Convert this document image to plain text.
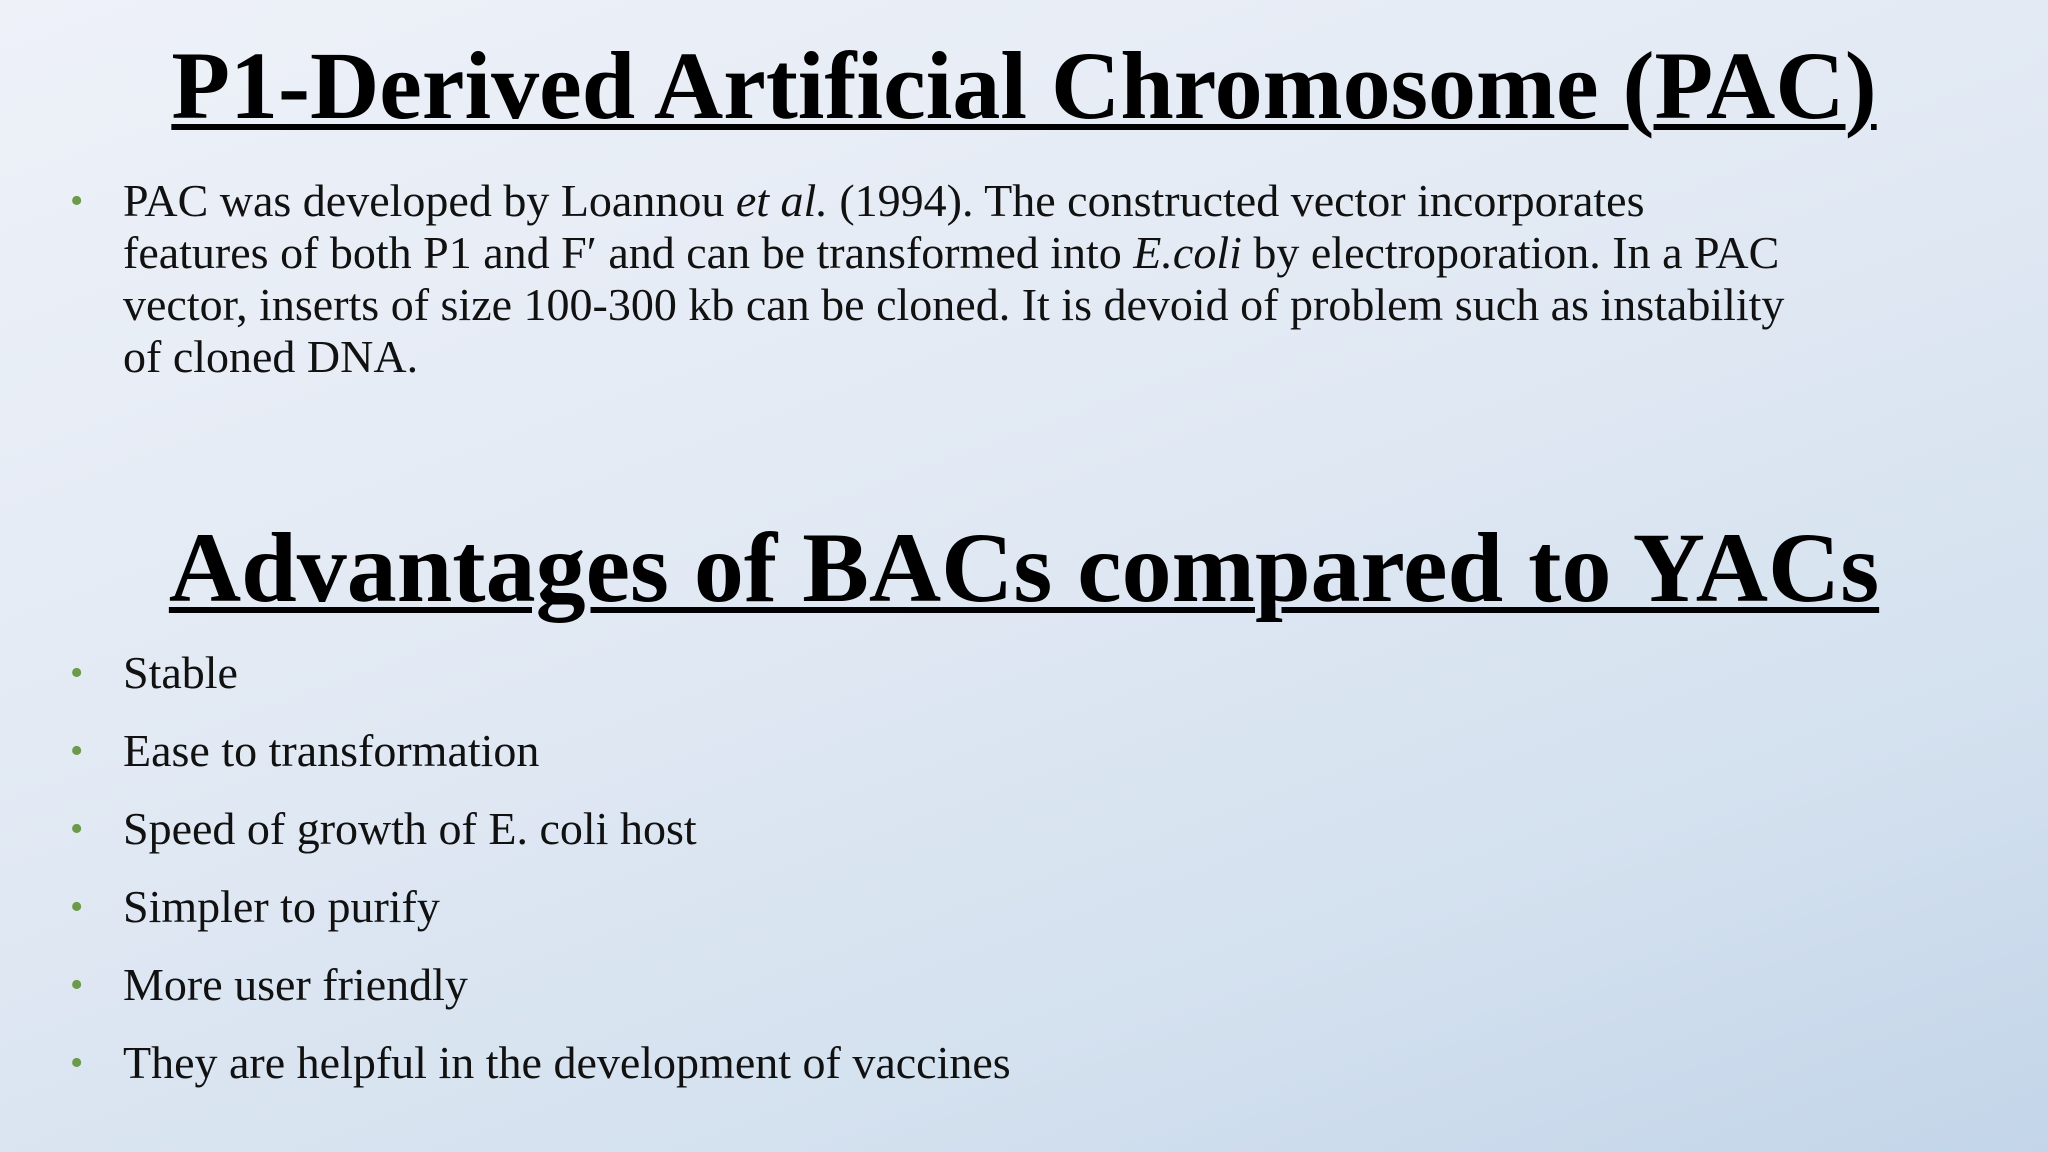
P1-Derived Artificial Chromosome (PAC)
• PAC was developed by Loannou et al. (1994). The constructed vector incorporates
features of both P1 and F′ and can be transformed into E.coli by electroporation. In a PAC
vector, inserts of size 100-300 kb can be cloned. It is devoid of problem such as instability
of cloned DNA.
Advantages of BACs compared to YACs
• Stable
• Ease to transformation
• Speed of growth of E. coli host
• Simpler to purify
• More user friendly
• They are helpful in the development of vaccines
